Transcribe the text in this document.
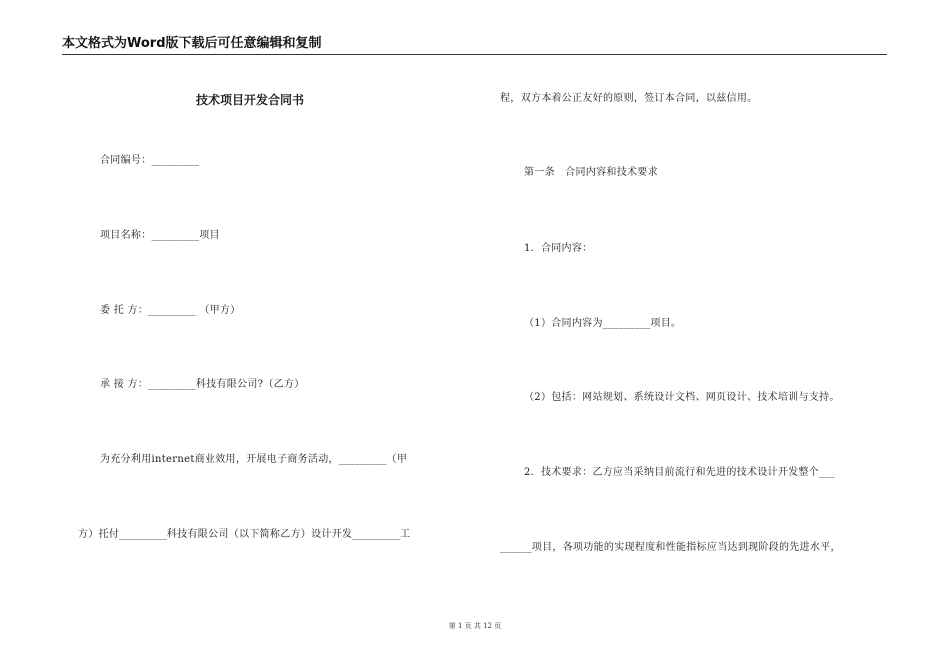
本文格式为Word版下载后可任意编辑和复制
技术项目开发合同书
合同编号：_________
项目名称：_________项目
委 托 方：_________ （甲方）
承 接 方：_________科技有限公司?（乙方）
为充分利用internet商业效用，开展电子商务活动，_________（甲
方）托付_________科技有限公司（以下简称乙方）设计开发_________工
程，双方本着公正友好的原则，签订本合同，以兹信用。
第一条　合同内容和技术要求
1．合同内容：
（1）合同内容为_________项目。
（2）包括：网站规划、系统设计文档、网页设计、技术培训与支持。
2．技术要求：乙方应当采纳目前流行和先进的技术设计开发整个___
______项目，各项功能的实现程度和性能指标应当达到现阶段的先进水平，
第 1 页 共 12 页
